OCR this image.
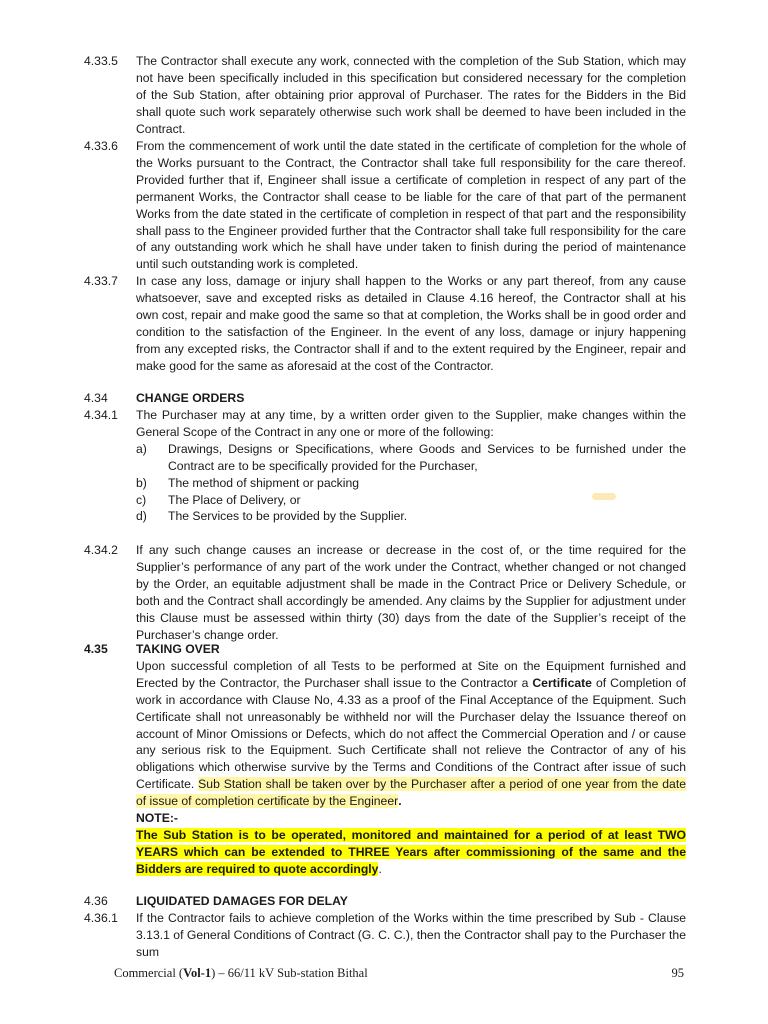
4.33.5	The Contractor shall execute any work, connected with the completion of the Sub Station, which may not have been specifically included in this specification but considered necessary for the completion of the Sub Station, after obtaining prior approval of Purchaser. The rates for the Bidders in the Bid shall quote such work separately otherwise such work shall be deemed to have been included in the Contract.
4.33.6	From the commencement of work until the date stated in the certificate of completion for the whole of the Works pursuant to the Contract, the Contractor shall take full responsibility for the care thereof. Provided further that if, Engineer shall issue a certificate of completion in respect of any part of the permanent Works, the Contractor shall cease to be liable for the care of that part of the permanent Works from the date stated in the certificate of completion in respect of that part and the responsibility shall pass to the Engineer provided further that the Contractor shall take full responsibility for the care of any outstanding work which he shall have under taken to finish during the period of maintenance until such outstanding work is completed.
4.33.7	In case any loss, damage or injury shall happen to the Works or any part thereof, from any cause whatsoever, save and excepted risks as detailed in Clause 4.16 hereof, the Contractor shall at his own cost, repair and make good the same so that at completion, the Works shall be in good order and condition to the satisfaction of the Engineer. In the event of any loss, damage or injury happening from any excepted risks, the Contractor shall if and to the extent required by the Engineer, repair and make good for the same as aforesaid at the cost of the Contractor.
4.34	CHANGE ORDERS
4.34.1	The Purchaser may at any time, by a written order given to the Supplier, make changes within the General Scope of the Contract in any one or more of the following:
a) Drawings, Designs or Specifications, where Goods and Services to be furnished under the Contract are to be specifically provided for the Purchaser,
b) The method of shipment or packing
c) The Place of Delivery, or
d) The Services to be provided by the Supplier.
4.34.2	If any such change causes an increase or decrease in the cost of, or the time required for the Supplier’s performance of any part of the work under the Contract, whether changed or not changed by the Order, an equitable adjustment shall be made in the Contract Price or Delivery Schedule, or both and the Contract shall accordingly be amended. Any claims by the Supplier for adjustment under this Clause must be assessed within thirty (30) days from the date of the Supplier’s receipt of the Purchaser’s change order.
4.35	TAKING OVER
Upon successful completion of all Tests to be performed at Site on the Equipment furnished and Erected by the Contractor, the Purchaser shall issue to the Contractor a Certificate of Completion of work in accordance with Clause No, 4.33 as a proof of the Final Acceptance of the Equipment. Such Certificate shall not unreasonably be withheld nor will the Purchaser delay the Issuance thereof on account of Minor Omissions or Defects, which do not affect the Commercial Operation and / or cause any serious risk to the Equipment. Such Certificate shall not relieve the Contractor of any of his obligations which otherwise survive by the Terms and Conditions of the Contract after issue of such Certificate. Sub Station shall be taken over by the Purchaser after a period of one year from the date of issue of completion certificate by the Engineer.
NOTE:-
The Sub Station is to be operated, monitored and maintained for a period of at least TWO YEARS which can be extended to THREE Years after commissioning of the same and the Bidders are required to quote accordingly.
4.36	LIQUIDATED DAMAGES FOR DELAY
4.36.1	If the Contractor fails to achieve completion of the Works within the time prescribed by Sub - Clause 3.13.1 of General Conditions of Contract (G. C. C.), then the Contractor shall pay to the Purchaser the sum
Commercial (Vol-1) – 66/11 kV Sub-station Bithal	95
